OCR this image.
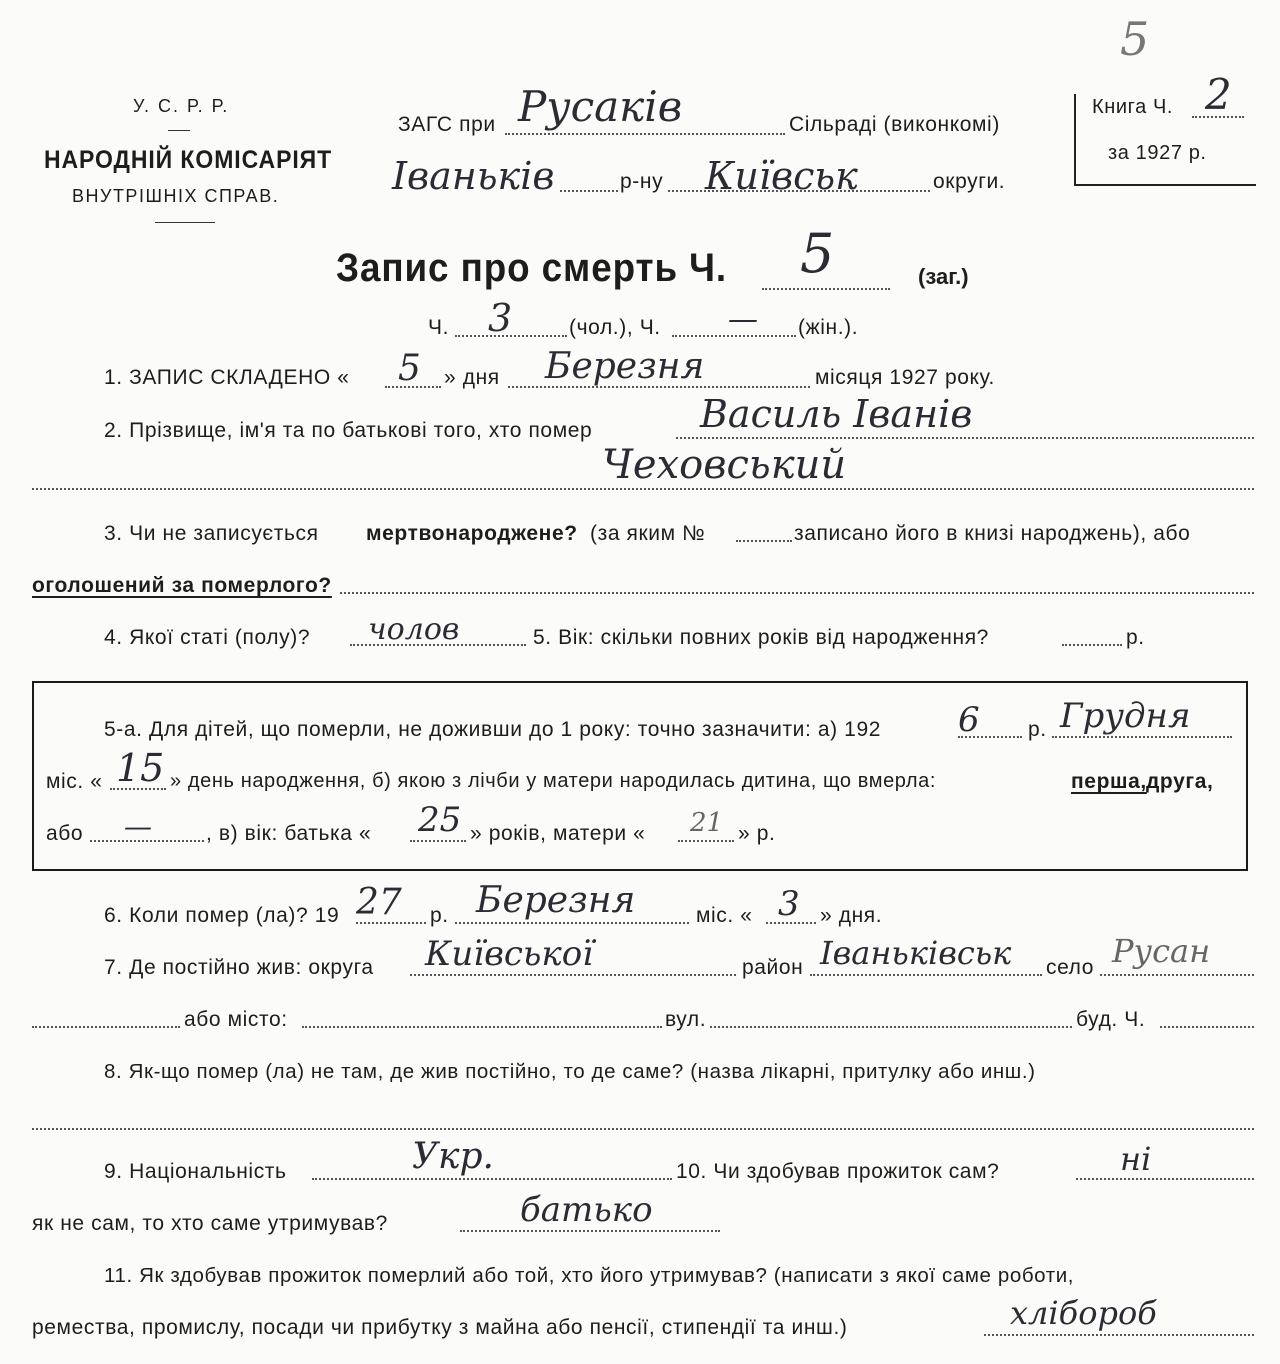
5
У. С. Р. Р.
НАРОДНІЙ КОМІСАРІЯТ
ВНУТРІШНІХ СПРАВ.
ЗАГС при Русаків	Сільраді (виконкомі)
Іваньків	р-ну Київськ	округи.
Книга Ч. 2
за 1927 р.
Запис про смерть Ч. 5	(заг.)
Ч. 3	(чол.), Ч. — (жін.).
1. ЗАПИС СКЛАДЕНО « 5 » дня Березня	місяця 1927 року.
2. Прізвище, ім'я та по батькові того, хто помер	Василь Іванів
Чеховський
3. Чи не записується мертвонароджене? (за яким №	записано його в книзі народжень), або
оголошений за померлого?
4. Якої статі (полу)? чолов	5. Вік: скільки повних років від народження?	р.
5-а. Для дітей, що померли, не доживши до 1 року: точно зазначити: а) 192 6 р. Грудня
міс. « 15 » день народження, б) якою з лічби у матери народилась дитина, що вмерла:	перша, друга,
або —	, в) вік: батька « 25 » років, матери « 21 » р.
6. Коли помер (ла)? 19 27 р. Березня	міс. « 3 » дня.
7. Де постійно жив: округа Київської	район Іваньківськ село Русан
або місто:	вул.	буд. Ч.
8. Як-що помер (ла) не там, де жив постійно, то де саме? (назва лікарні, притулку або инш.)
9. Національність	Укр.	10. Чи здобував прожиток сам?	ні
як не сам, то хто саме утримував?	батько
11. Як здобував прожиток померлий або той, хто його утримував? (написати з якої саме роботи,
ремества, промислу, посади чи прибутку з майна або пенсії, стипендії та инш.)	хлібороб
